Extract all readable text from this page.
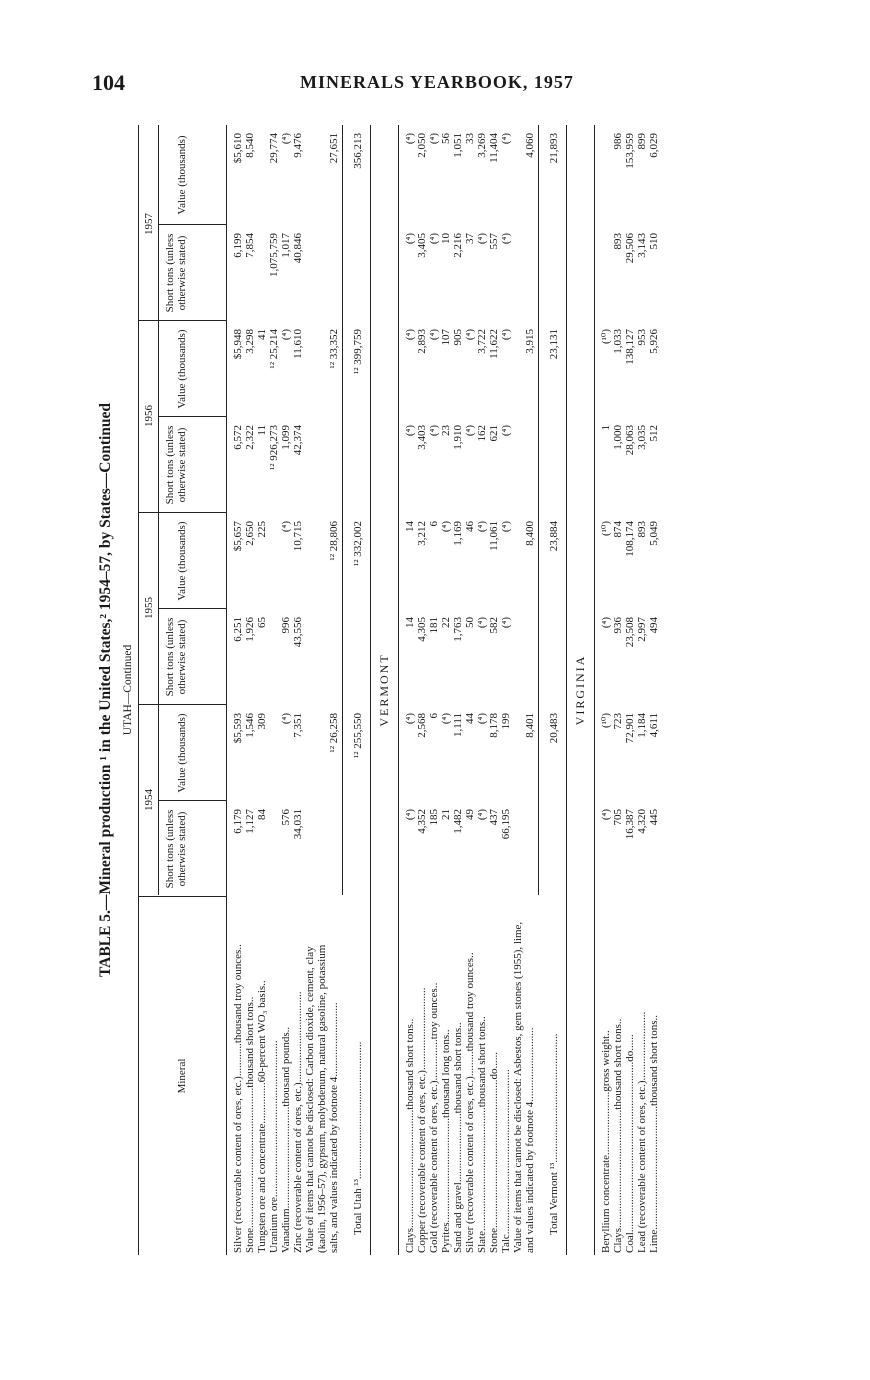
104	MINERALS YEARBOOK, 1957
TABLE 5.—Mineral production ¹ in the United States,² 1954–57, by States—Continued UTAH—Continued
Mineral
1954
1955
1956
1957
Short tons (unless otherwise stated)
Value (thousands)
Short tons (unless otherwise stated)
Value (thousands)
Short tons (unless otherwise stated)
Value (thousands)
Short tons (unless otherwise stated)
Value (thousands)
Silver (recoverable content of ores, etc.)............thousand troy ounces..
6,179
$5,593
6,251
$5,657
6,572
$5,948
6,199
$5,610
Stone...................................................thousand short tons..
1,127
1,546
1,926
2,650
2,322
3,298
7,854
8,540
Tungsten ore and concentrate...............60-percent WO₃ basis..
84
309
65
225
11
41
Uranium ore.........................................................
¹² 926,273
¹² 25,214
1,075,759
29,774
Vanadium.....................................thousand pounds..
576
(⁴)
996
(⁴)
1,099
(⁴)
1,017
(⁴)
Zinc (recoverable content of ores, etc.).................................
34,031
7,351
43,556
10,715
42,374
11,610
40,846
9,476
Value of items that cannot be disclosed: Carbon dioxide, cement, clay (kaolin, 1956–57), gypsum, molybdenum, natural gasoline, potassium salts, and values indicated by footnote 4...........................
¹² 26,258
¹² 28,806
¹² 33,352
27,651
Total Utah ¹³..................................................
¹² 255,550
¹² 332,002
¹² 399,759
356,213
VERMONT
Clays...........................................thousand short tons..
(⁴)
(⁴)
14
14
(⁴)
(⁴)
(⁴)
(⁴)
Copper (recoverable content of ores, etc.)..............................
4,352
2,568
4,305
3,212
3,403
2,893
3,405
2,050
Gold (recoverable content of ores, etc.)...............troy ounces..
185
6
181
6
(⁴)
(⁴)
(⁴)
(⁴)
Pyrites......................................thousand long tons..
21
(⁴)
22
(⁴)
23
107
10
56
Sand and gravel.........................thousand short tons..
1,482
1,111
1,763
1,169
1,910
905
2,216
1,051
Silver (recoverable content of ores, etc.).........thousand troy ounces..
49
44
50
46
(⁴)
(⁴)
37
33
Slate.............................................thousand short tons..
(⁴)
(⁴)
(⁴)
(⁴)
162
3,722
(⁴)
3,269
Stone......................................................do......
437
8,178
582
11,061
621
11,622
557
11,404
Talc............................................................
66,195
199
(⁴)
(⁴)
(⁴)
(⁴)
(⁴)
(⁴)
Value of items that cannot be disclosed: Asbestos, gem stones (1955), lime, and values indicated by footnote 4...........................
8,401
8,400
3,915
4,060
Total Vermont ¹³...............................................
20,483
23,884
23,131
21,893
VIRGINIA
Beryllium concentrate.......................gross weight..
(⁴)
(¹⁰)
(⁴)
(¹⁰)
1
(¹⁰)
Clays...........................................thousand short tons..
705
723
936
874
1,000
1,033
893
986
Coal..............................................................do......
16,387
72,901
23,508
108,174
28,063
138,127
29,506
153,959
Lead (recoverable content of ores, etc.).........................
4,320
1,184
2,997
893
3,035
953
3,143
899
Lime.............................................thousand short tons..
445
4,611
494
5,049
512
5,926
510
6,029
